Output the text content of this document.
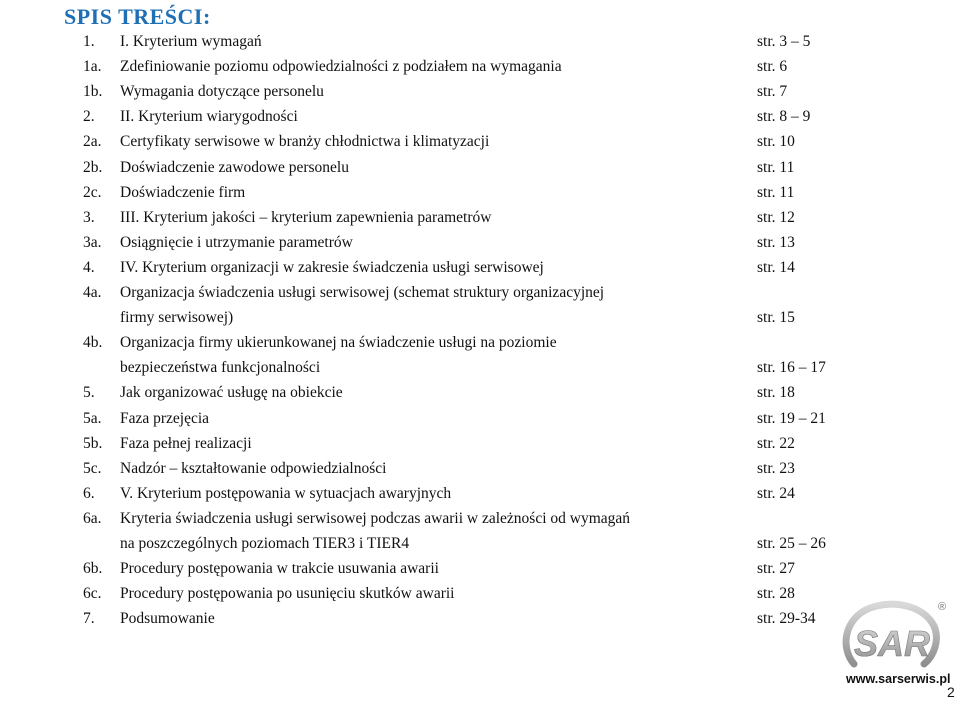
SPIS TREŚCI:
1. I. Kryterium wymagań	str. 3 – 5
1a. Zdefiniowanie poziomu odpowiedzialności z podziałem na wymagania	str. 6
1b. Wymagania dotyczące personelu	str. 7
2. II. Kryterium wiarygodności	str. 8 – 9
2a. Certyfikaty serwisowe w branży chłodnictwa i klimatyzacji	str. 10
2b. Doświadczenie zawodowe personelu	str. 11
2c. Doświadczenie firm	str. 11
3. III. Kryterium jakości – kryterium zapewnienia parametrów	str. 12
3a. Osiągnięcie i utrzymanie parametrów	str. 13
4. IV. Kryterium organizacji w zakresie świadczenia usługi serwisowej	str. 14
4a. Organizacja świadczenia usługi serwisowej (schemat struktury organizacyjnej
firmy serwisowej)	str. 15
4b. Organizacja firmy ukierunkowanej na świadczenie usługi na poziomie
bezpieczeństwa funkcjonalności	str. 16 – 17
5. Jak organizować usługę na obiekcie	str. 18
5a. Faza przejęcia	str. 19 – 21
5b. Faza pełnej realizacji	str. 22
5c. Nadzór – kształtowanie odpowiedzialności	str. 23
6. V. Kryterium postępowania w sytuacjach awaryjnych	str. 24
6a. Kryteria świadczenia usługi serwisowej podczas awarii w zależności od wymagań
na poszczególnych poziomach TIER3 i TIER4	str. 25 – 26
6b. Procedury postępowania w trakcie usuwania awarii	str. 27
6c. Procedury postępowania po usunięciu skutków awarii	str. 28
7. Podsumowanie	str. 29-34
SAR
®
www.sarserwis.pl
2
